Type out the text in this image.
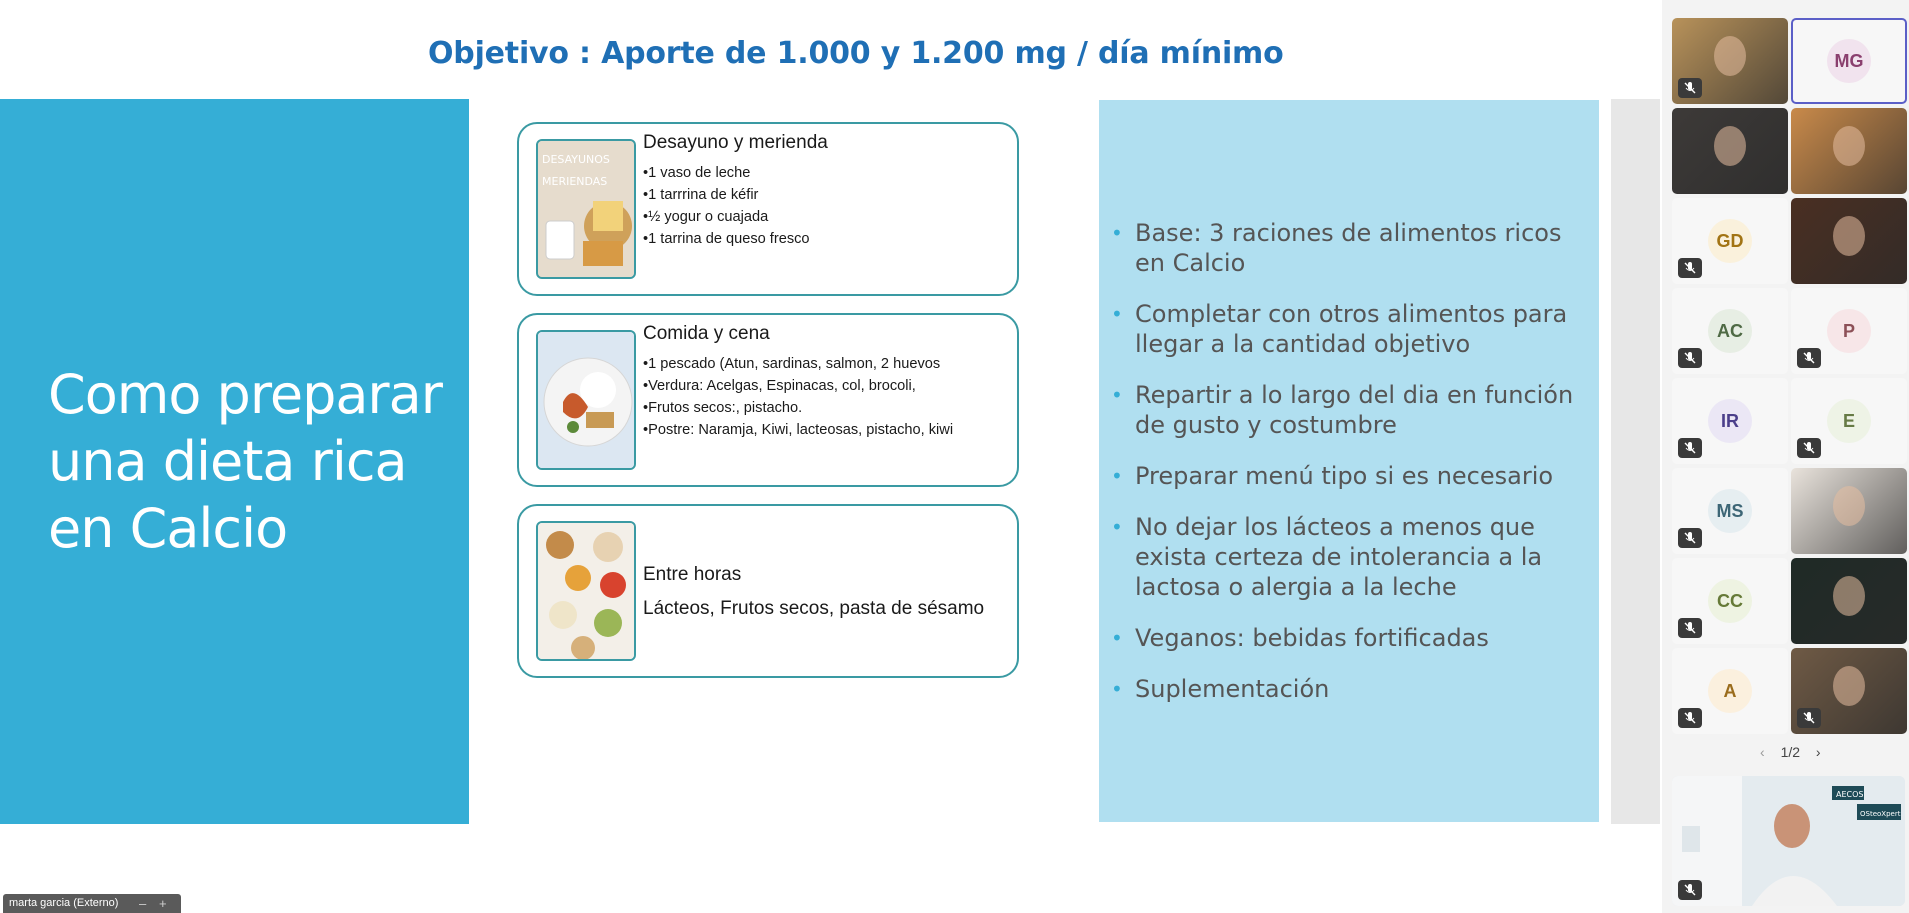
Objetivo : Aporte de 1.000 y 1.200 mg / día mínimo
Como preparar una dieta rica en Calcio
DESAYUNOS
MERIENDAS
Desayuno y merienda
• 1 vaso de leche
• 1 tarrrina de kéfir
• ½ yogur o cuajada
• 1 tarrina de queso fresco
Comida y cena
• 1 pescado (Atun, sardinas, salmon, 2 huevos
• Verdura: Acelgas, Espinacas, col, brocoli,
• Frutos secos:, pistacho.
• Postre: Naramja, Kiwi, lacteosas, pistacho, kiwi
Entre horas
Lácteos, Frutos secos, pasta de sésamo
• Base: 3 raciones de alimentos ricos en Calcio
• Completar con otros alimentos para llegar a la cantidad objetivo
• Repartir a lo largo del dia en función de gusto y costumbre
• Preparar menú tipo si es necesario
• No dejar los lácteos a menos que exista certeza de intolerancia a la lactosa o alergia a la leche
• Veganos: bebidas fortificadas
• Suplementación
marta garcia (Externo) – +
‹ 1/2 ›
AECOS
OSteoXpert
MG
GD
AC	P
IR	E
MS
CC
A
